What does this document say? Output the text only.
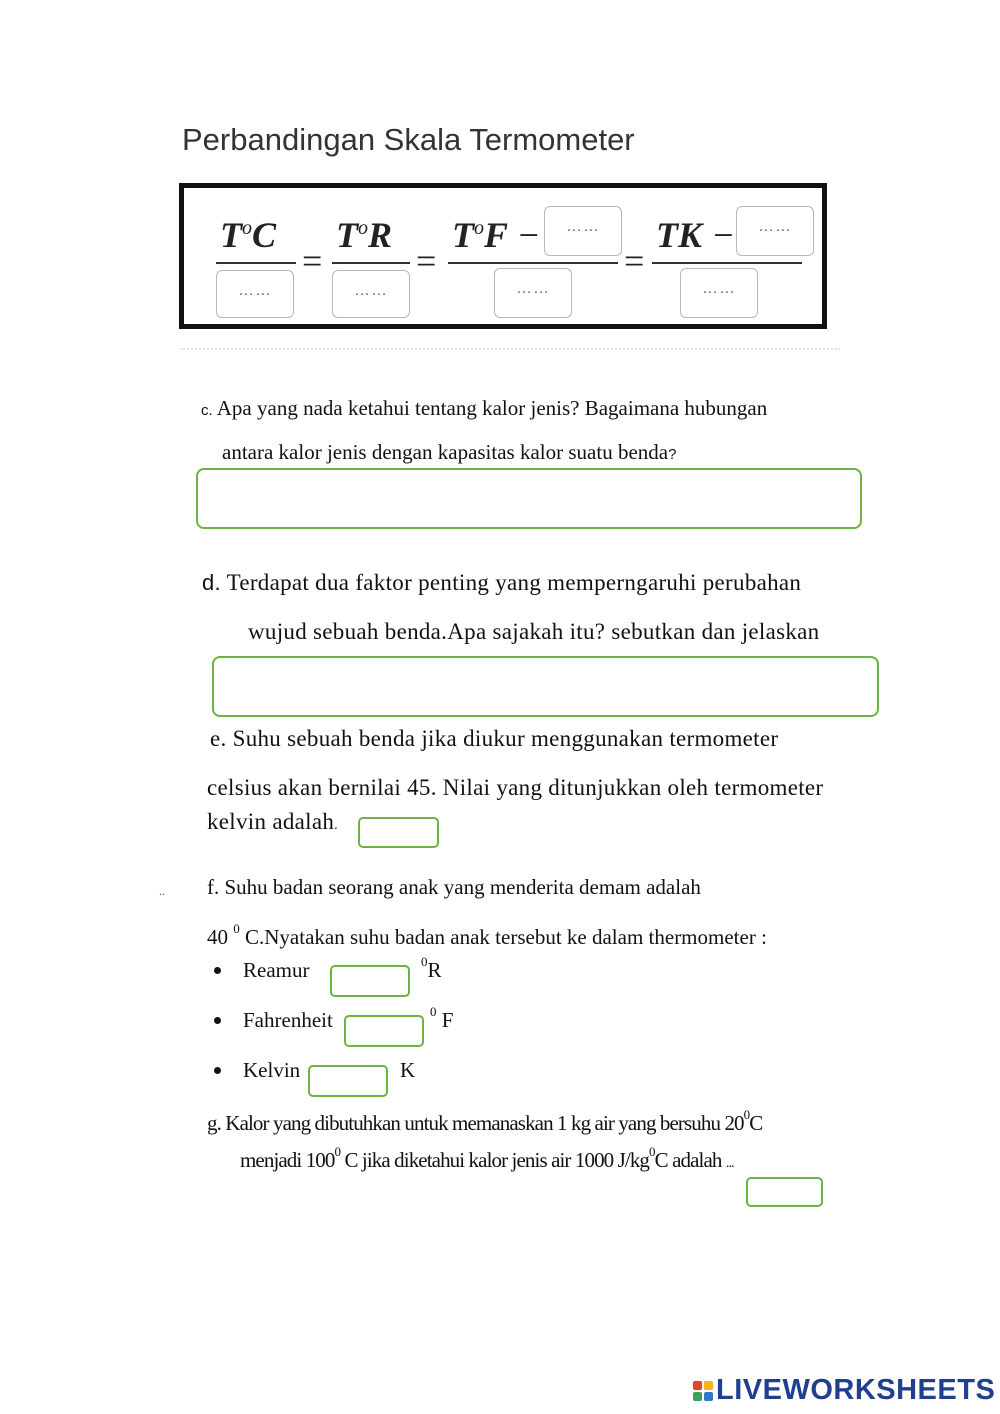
Perbandingan Skala Termometer
$T^oC$
……
=
$T^oR$
……
=
$T^oF$ −	……
……
=
TK −	……
……
c. Apa yang nada ketahui tentang kalor jenis? Bagaimana hubungan
antara kalor jenis dengan kapasitas kalor suatu benda?
d. Terdapat dua faktor penting yang memperngaruhi perubahan
wujud sebuah benda.Apa sajakah itu? sebutkan dan jelaskan
e. Suhu sebuah benda jika diukur menggunakan termometer
celsius akan bernilai 45. Nilai yang ditunjukkan oleh termometer
kelvin adalah.
.. f. Suhu badan seorang anak yang menderita demam adalah
40 $^0$ C.Nyatakan suhu badan anak tersebut ke dalam thermometer :
Reamur	$^0$R
Fahrenheit	$^0$ F
Kelvin	K
g. Kalor yang dibutuhkan untuk memanaskan 1 kg air yang bersuhu $20^0C$
menjadi $100^0$ C jika diketahui kalor jenis air 1000 $J/kg^0C$ adalah ...
LIVEWORKSHEETS
